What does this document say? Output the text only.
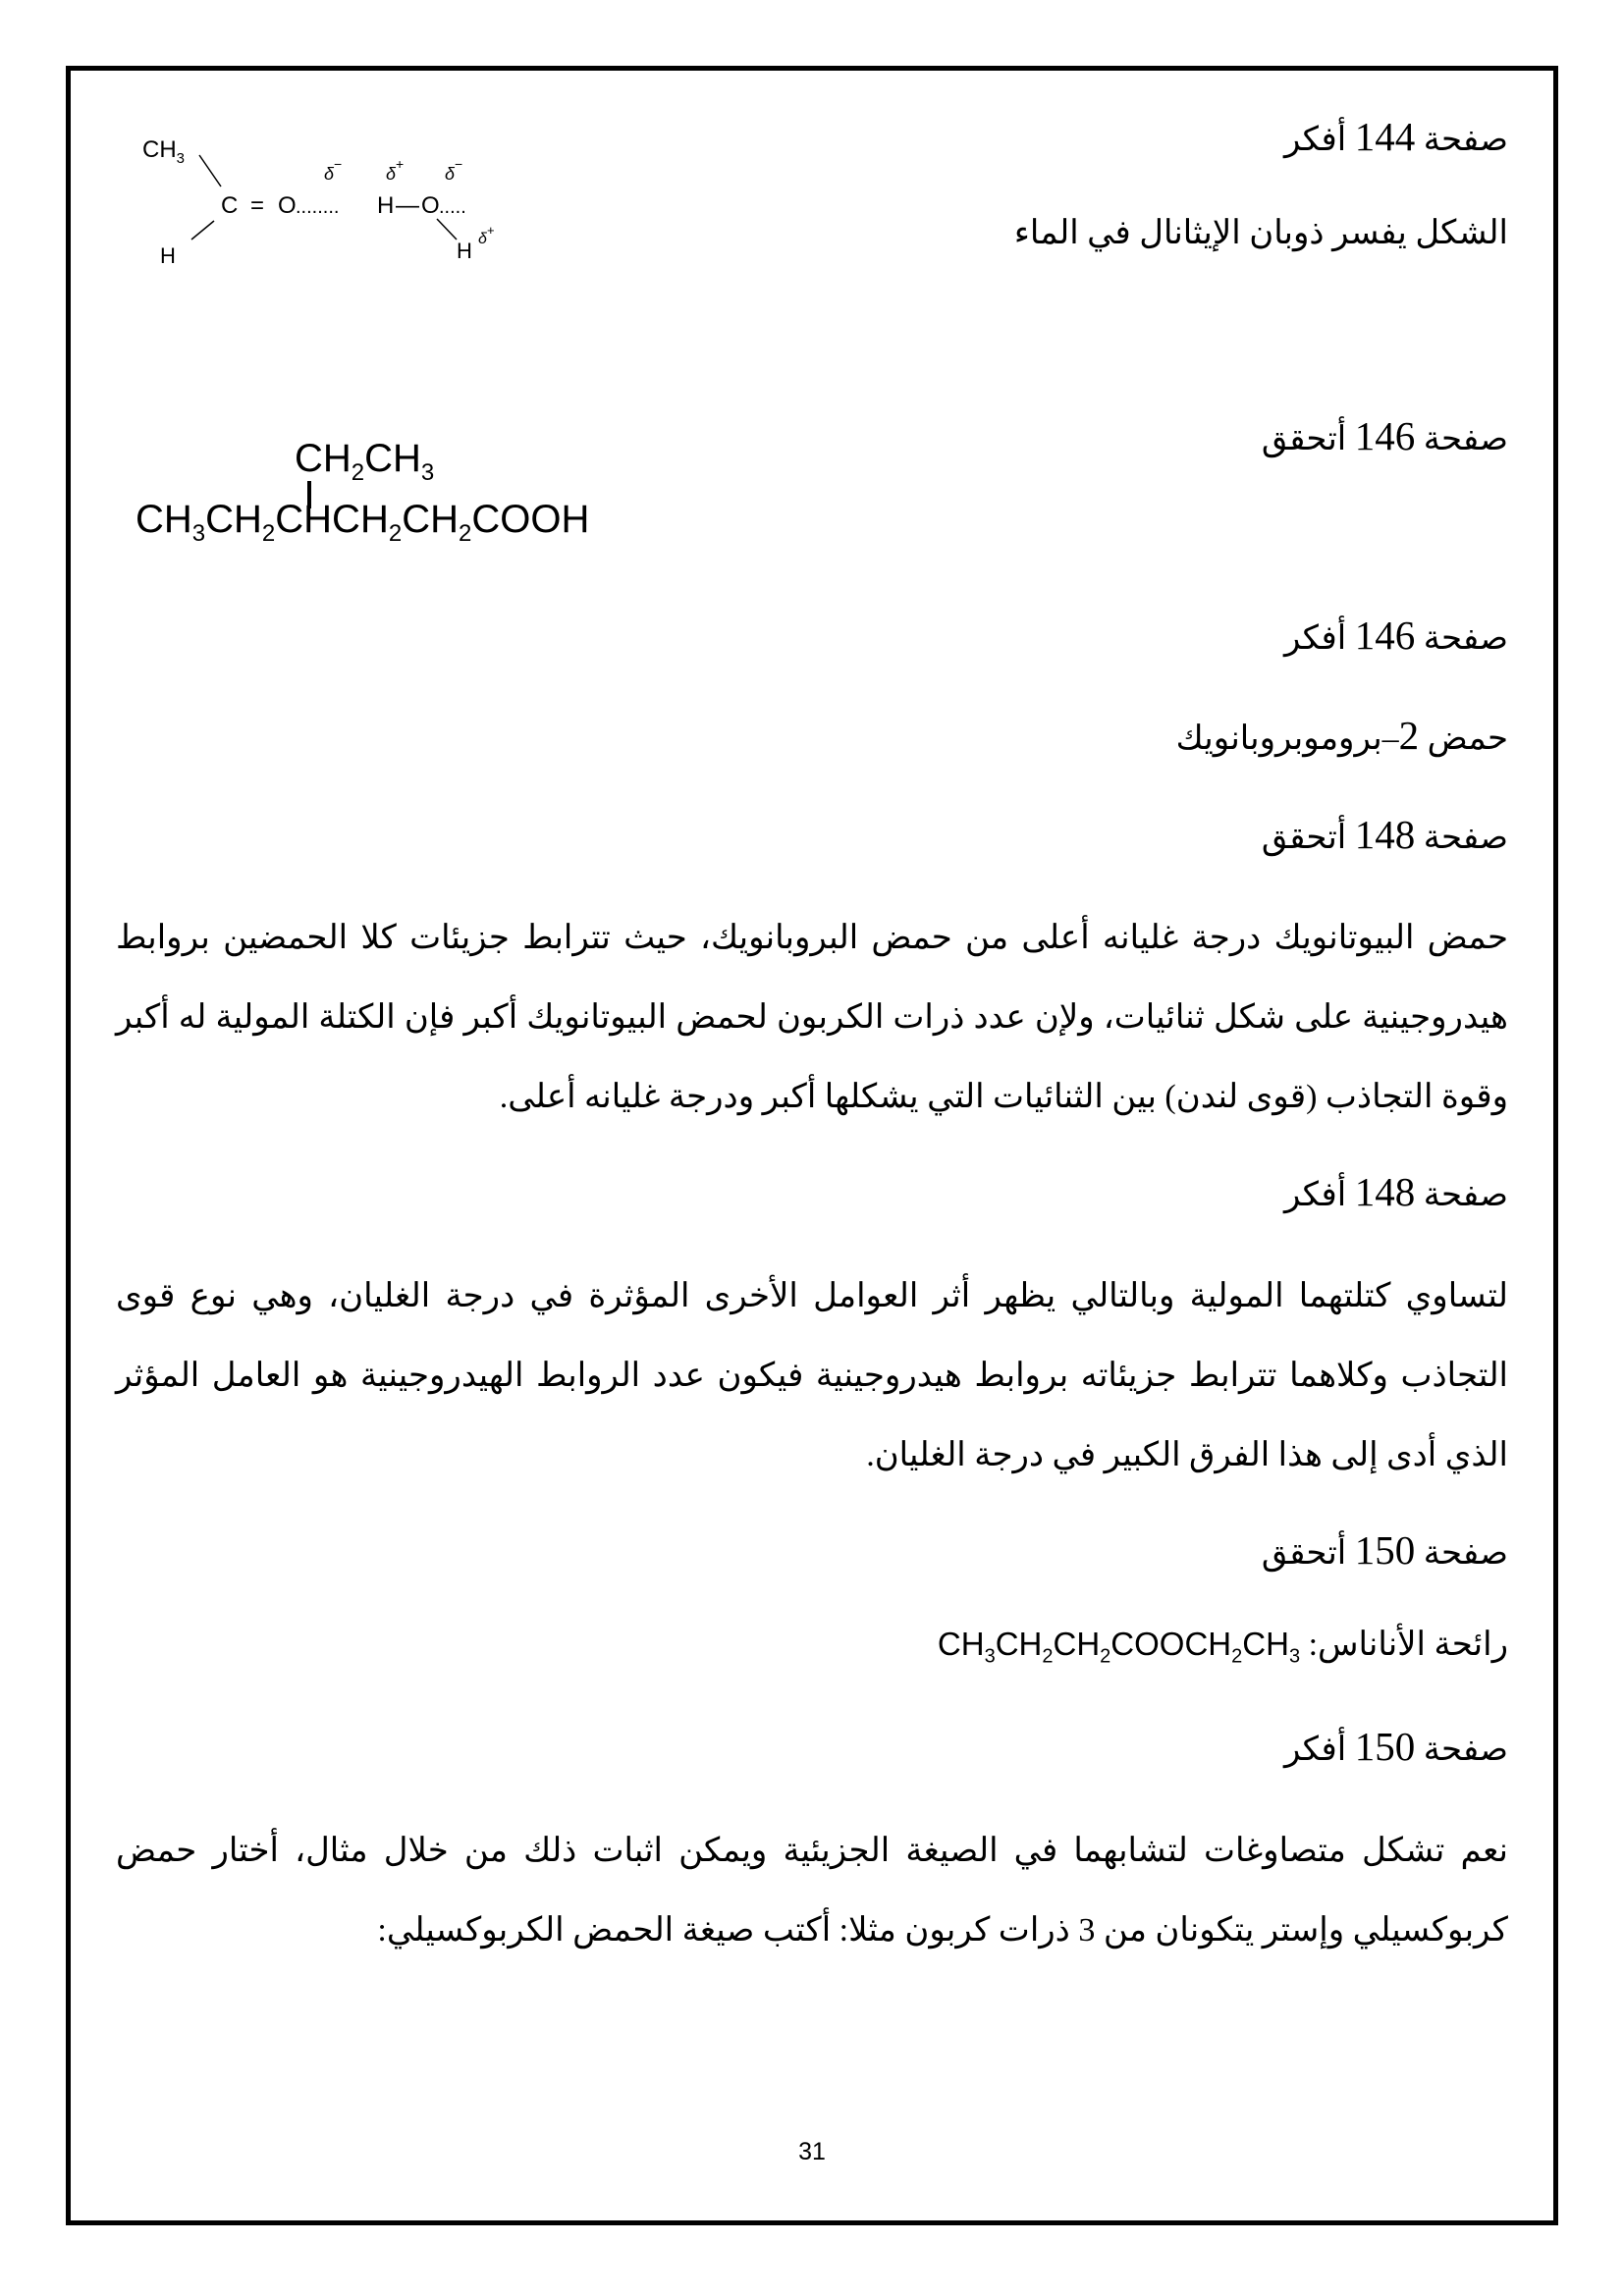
صفحة 144 أفكر
الشكل يفسر ذوبان الإيثانال في الماء
$CH_3$
C = O
δ −
........
δ +
H — O
δ −
.....
H δ
+
H
صفحة 146 أتحقق
$CH_2CH_3$
$CH_3CH_2CHCH_2CH_2COOH$
صفحة 146 أفكر
حمض 2–بروموبروبانويك
صفحة 148 أتحقق
حمض البيوتانويك درجة غليانه أعلى من حمض البروبانويك، حيث تترابط جزيئات كلا الحمضين بروابط هيدروجينية على شكل ثنائيات، ولإن عدد ذرات الكربون لحمض البيوتانويك أكبر فإن الكتلة المولية له أكبر وقوة التجاذب (قوى لندن) بين الثنائيات التي يشكلها أكبر ودرجة غليانه أعلى.
صفحة 148 أفكر
لتساوي كتلتهما المولية وبالتالي يظهر أثر العوامل الأخرى المؤثرة في درجة الغليان، وهي نوع قوى التجاذب وكلاهما تترابط جزيئاته بروابط هيدروجينية فيكون عدد الروابط الهيدروجينية هو العامل المؤثر الذي أدى إلى هذا الفرق الكبير في درجة الغليان.
صفحة 150 أتحقق
رائحة الأناناس: $CH_3CH_2CH_2COOCH_2CH_3$
صفحة 150 أفكر
نعم تشكل متصاوغات لتشابهما في الصيغة الجزيئية ويمكن اثبات ذلك من خلال مثال، أختار حمض كربوكسيلي وإستر يتكونان من 3 ذرات كربون مثلا: أكتب صيغة الحمض الكربوكسيلي:
31
